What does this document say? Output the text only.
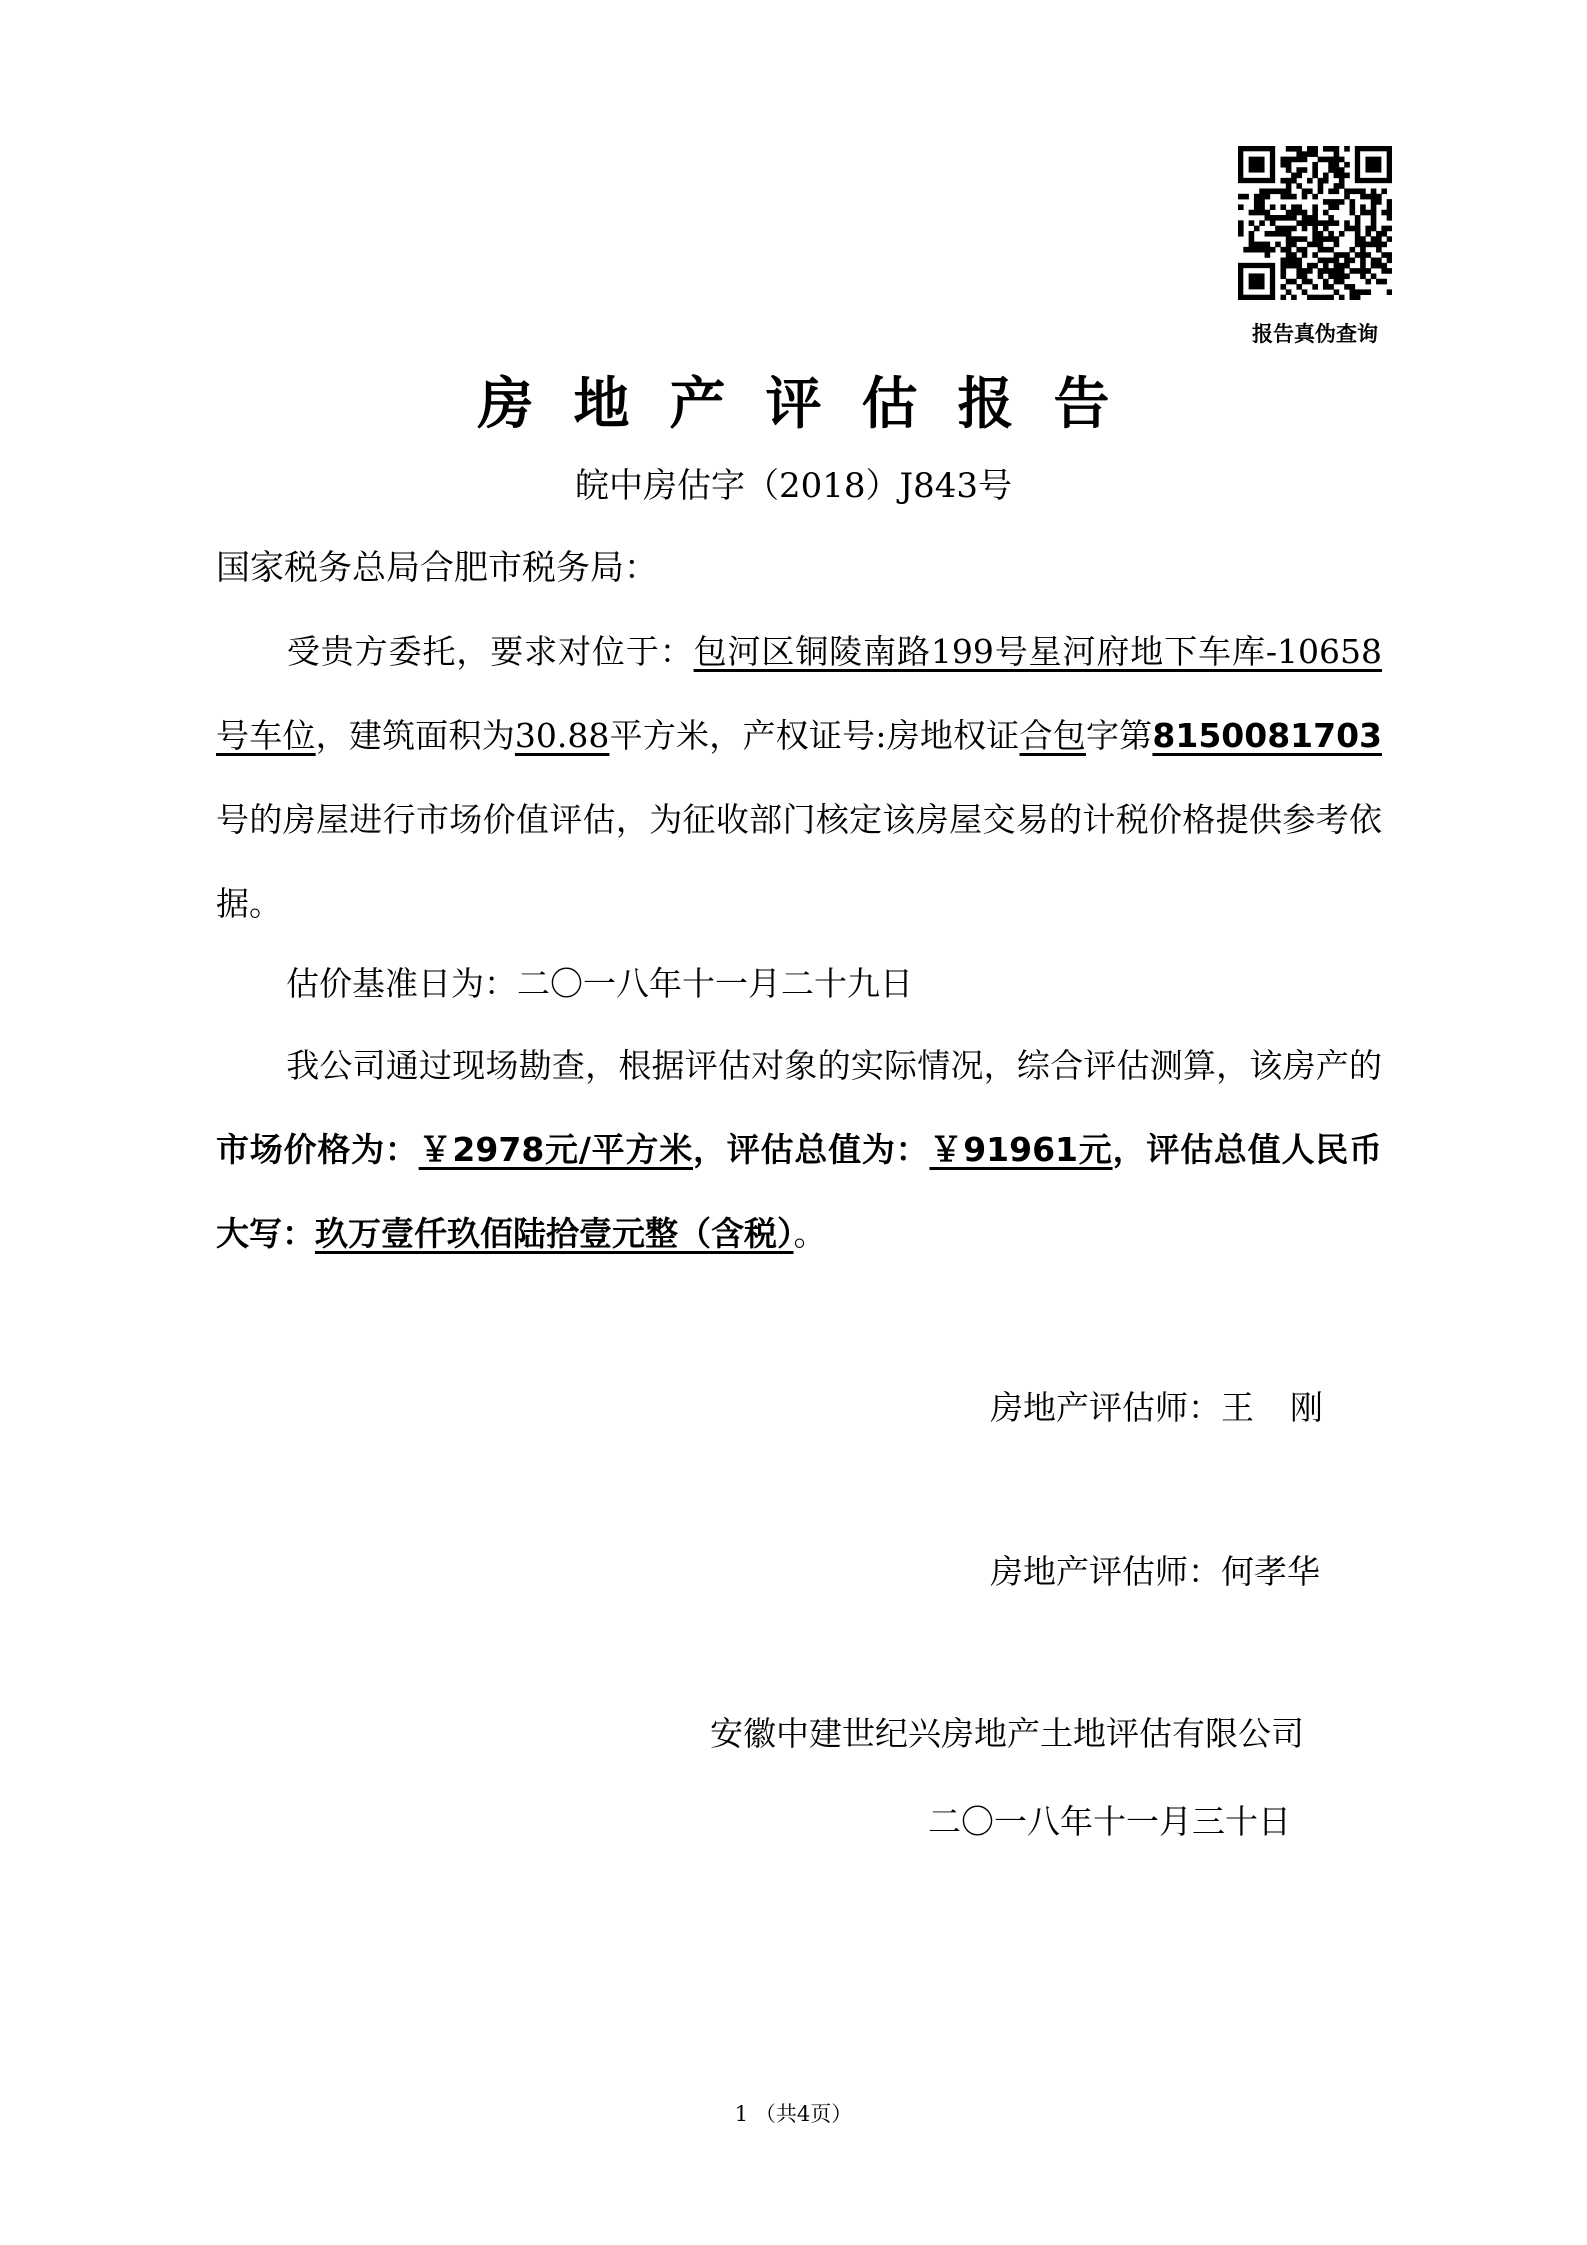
报告真伪查询
房地产评估报告
皖中房估字（2018）J843号
国家税务总局合肥市税务局：
受贵方委托，要求对位于：包河区铜陵南路199号星河府地下车库-10658号车位，建筑面积为30.88平方米，产权证号:房地权证合包字第8150081703号的房屋进行市场价值评估，为征收部门核定该房屋交易的计税价格提供参考依据。
估价基准日为：二〇一八年十一月二十九日
我公司通过现场勘查，根据评估对象的实际情况，综合评估测算，该房产的市场价格为：￥2978元/平方米，评估总值为：￥91961元，评估总值人民币大写：玖万壹仟玖佰陆拾壹元整（含税）。
房地产评估师：王 刚
房地产评估师：何孝华
安徽中建世纪兴房地产土地评估有限公司
二〇一八年十一月三十日
1 （共4页）
